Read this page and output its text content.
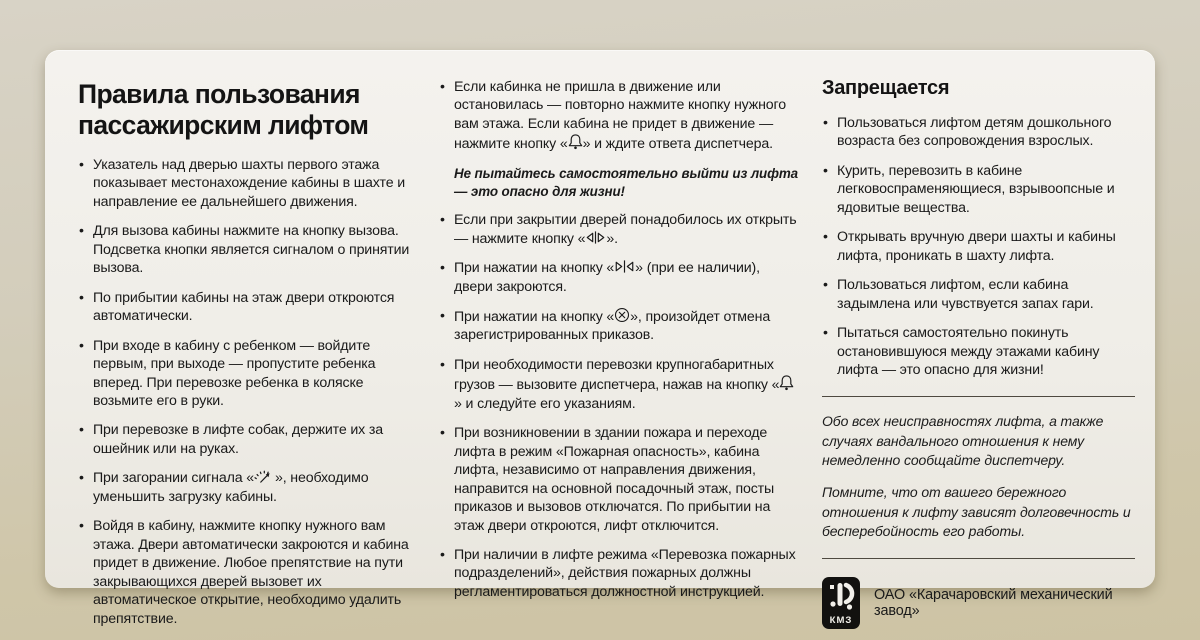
Правила пользования пассажирским лифтом
• Указатель над дверью шахты первого этажа показывает местонахождение кабины в шахте и направление ее дальнейшего движения.
• Для вызова кабины нажмите на кнопку вызова. Подсветка кнопки является сигналом о принятии вызова.
• По прибытии кабины на этаж двери откроются автоматически.
• При входе в кабину с ребенком — войдите первым, при выходе — пропустите ребенка вперед. При перевозке ребенка в коляске возьмите его в руки.
• При перевозке в лифте собак, держите их за ошейник или на руках.
• При загорании сигнала « », необходимо уменьшить загрузку кабины.
• Войдя в кабину, нажмите кнопку нужного вам этажа. Двери автоматически закроются и кабина придет в движение. Любое препятствие на пути закрывающихся дверей вызовет их автоматическое открытие, необходимо удалить препятствие.
• Если кабинка не пришла в движение или остановилась — повторно нажмите кнопку нужного вам этажа. Если кабина не придет в движение — нажмите кнопку « » и ждите ответа диспетчера.
Не пытайтесь самостоятельно выйти из лифта — это опасно для жизни!
• Если при закрытии дверей понадобилось их открыть — нажмите кнопку « ».
• При нажатии на кнопку « » (при ее наличии), двери закроются.
• При нажатии на кнопку « », произойдет отмена зарегистрированных приказов.
• При необходимости перевозки крупногабаритных грузов — вызовите диспетчера, нажав на кнопку «» и следуйте его указаниям.
• При возникновении в здании пожара и переходе лифта в режим «Пожарная опасность», кабина лифта, независимо от направления движения, направится на основной посадочный этаж, посты приказов и вызовов отключатся. По прибытии на этаж двери откроются, лифт отключится.
• При наличии в лифте режима «Перевозка пожарных подразделений», действия пожарных должны регламентироваться должностной инструкцией.
Запрещается
• Пользоваться лифтом детям дошкольного возраста без сопровождения взрослых.
• Курить, перевозить в кабине легковоспраменяющиеся, взрывоопсные и ядовитые вещества.
• Открывать вручную двери шахты и кабины лифта, проникать в шахту лифта.
• Пользоваться лифтом, если кабина задымлена или чувствуется запах гари.
• Пытаться самостоятельно покинуть остановившуюся между этажами кабину лифта — это опасно для жизни!

Обо всех неисправностях лифта, а также случаях вандального отношения к нему немедленно сообщайте диспетчеру.

Помните, что от вашего бережного отношения к лифту зависят долговечность и бесперебойность его работы.

КМЗ
ОАО «Карачаровский механический завод»
